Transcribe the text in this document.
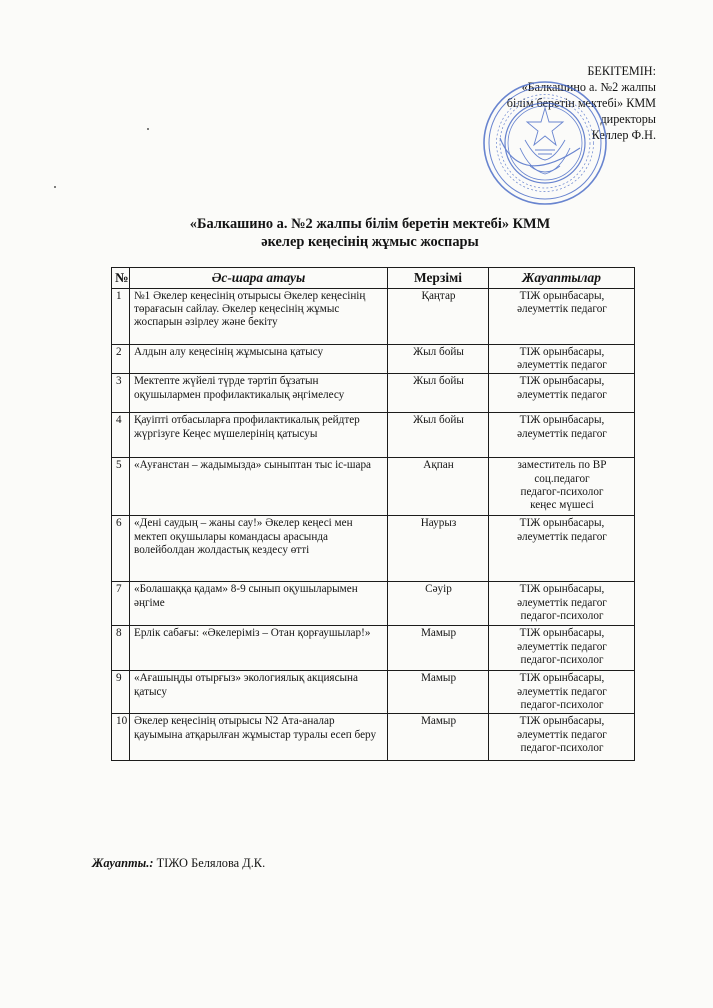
БЕКІТЕМІН:
«Балкашино а. №2 жалпы
білім беретін мектебі» КММ
директоры
Келлер Ф.Н.
«Балкашино а. №2 жалпы білім беретін мектебі» КММ
әкелер кеңесінің жұмыс жоспары
№	Әс-шара атауы	Мерзімі	Жауаптылар
1	№1 Әкелер кеңесінің отырысы Әкелер кеңесінің төрағасын сайлау. Әкелер кеңесінің жұмыс жоспарын әзірлеу және бекіту	Қаңтар	ТІЖ орынбасары,
әлеуметтік педагог

2	Алдын алу кеңесінің жұмысына қатысу	Жыл бойы	ТІЖ орынбасары,
әлеуметтік педагог

3	Мектепте жүйелі түрде тәртіп бұзатын оқушылармен профилактикалық әңгімелесу	Жыл бойы	ТІЖ орынбасары,
әлеуметтік педагог

4	Қауіпті отбасыларға профилактикалық рейдтер жүргізуге Кеңес мүшелерінің қатысуы	Жыл бойы	ТІЖ орынбасары,
әлеуметтік педагог

5	«Ауғанстан – жадымызда» сыныптан тыс іс-шара	Ақпан	заместитель по ВР
соц.педагог
педагог-психолог
кеңес мүшесі

6	«Дені саудың – жаны сау!» Әкелер кеңесі мен мектеп оқушылары командасы арасында волейболдан жолдастық кездесу өтті	Наурыз	ТІЖ орынбасары,
әлеуметтік педагог

7	«Болашаққа қадам» 8-9 сынып оқушыларымен әңгіме	Сәуір	ТІЖ орынбасары,
әлеуметтік педагог
педагог-психолог

8	Ерлік сабағы: «Әкелеріміз – Отан қорғаушылар!»	Мамыр	ТІЖ орынбасары,
әлеуметтік педагог
педагог-психолог

9	«Ағашыңды отырғыз» экологиялық акциясына қатысу	Мамыр	ТІЖ орынбасары,
әлеуметтік педагог
педагог-психолог

10	Әкелер кеңесінің отырысы N2 Ата-аналар қауымына атқарылған жұмыстар туралы есеп беру	Мамыр	ТІЖ орынбасары,
әлеуметтік педагог
педагог-психолог
Жауапты.: ТІЖО Белялова Д.К.
